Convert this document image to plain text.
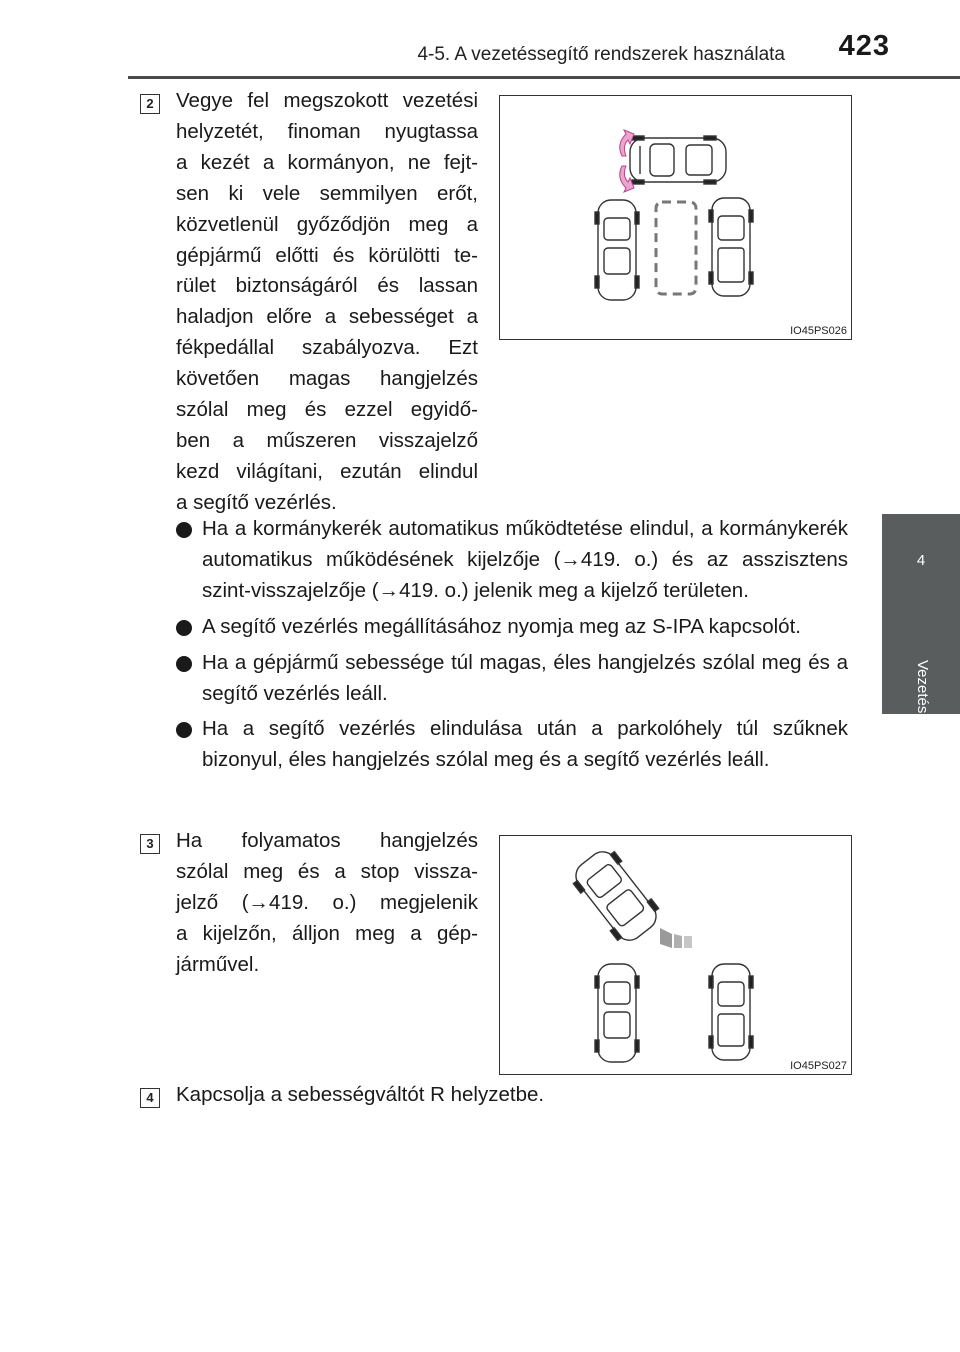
4-5. A vezetéssegítő rendszerek használata	423
4
Vezetés
2	Vegye fel megszokott vezetési
helyzetét, finoman nyugtassa
a kezét a kormányon, ne fejt-
sen ki vele semmilyen erőt,
közvetlenül győződjön meg a
gépjármű előtti és körülötti te-
rület biztonságáról és lassan
haladjon előre a sebességet a
fékpedállal szabályozva. Ezt
követően magas hangjelzés
szólal meg és ezzel egyidő-
ben a műszeren visszajelző
kezd világítani, ezután elindul
a segítő vezérlés.
IO45PS026
Ha a kormánykerék automatikus működtetése elindul, a kormánykerék automatikus működésének kijelzője (→419. o.) és az asszisztens szint-visszajelzője (→419. o.) jelenik meg a kijelző területen.
A segítő vezérlés megállításához nyomja meg az S-IPA kapcsolót.
Ha a gépjármű sebessége túl magas, éles hangjelzés szólal meg és a segítő vezérlés leáll.
Ha a segítő vezérlés elindulása után a parkolóhely túl szűknek bizonyul, éles hangjelzés szólal meg és a segítő vezérlés leáll.
3	Ha folyamatos hangjelzés
szólal meg és a stop vissza-
jelző (→419. o.) megjelenik
a kijelzőn, álljon meg a gép-
járművel.
IO45PS027
4	Kapcsolja a sebességváltót R helyzetbe.
